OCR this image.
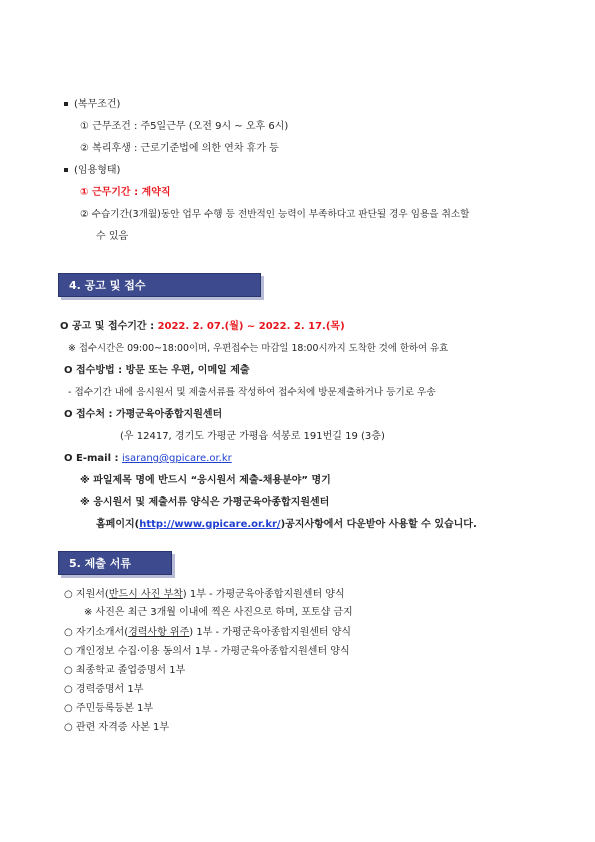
(복무조건)
① 근무조건 : 주5일근무 (오전 9시 ~ 오후 6시)
② 복리후생 : 근로기준법에 의한 연차 휴가 등
(임용형태)
① 근무기간 : 계약직
② 수습기간(3개월)동안 업무 수행 등 전반적인 능력이 부족하다고 판단될 경우 임용을 취소할
수 있음
4. 공고 및 접수
O 공고 및 접수기간 : 2022. 2. 07.(월) ~ 2022. 2. 17.(목)
※ 접수시간은 09:00~18:00이며, 우편접수는 마감일 18:00시까지 도착한 것에 한하여 유효
O 접수방법 : 방문 또는 우편, 이메일 제출
- 접수기간 내에 응시원서 및 제출서류를 작성하여 접수처에 방문제출하거나 등기로 우송
O 접수처 : 가평군육아종합지원센터
(우 12417, 경기도 가평군 가평읍 석봉로 191번길 19 (3층)
O E-mail : isarang@gpicare.or.kr
※ 파일제목 명에 반드시 “응시원서 제출-채용분야” 명기
※ 응시원서 및 제출서류 양식은 가평군육아종합지원센터
홈페이지(http://www.gpicare.or.kr/)공지사항에서 다운받아 사용할 수 있습니다.
5. 제출 서류
○ 지원서(반드시 사진 부착) 1부 - 가평군육아종합지원센터 양식
※ 사진은 최근 3개월 이내에 찍은 사진으로 하며, 포토샵 금지
○ 자기소개서(경력사항 위주) 1부 - 가평군육아종합지원센터 양식
○ 개인정보 수집·이용 동의서 1부 - 가평군육아종합지원센터 양식
○ 최종학교 졸업증명서 1부
○ 경력증명서 1부
○ 주민등록등본 1부
○ 관련 자격증 사본 1부
